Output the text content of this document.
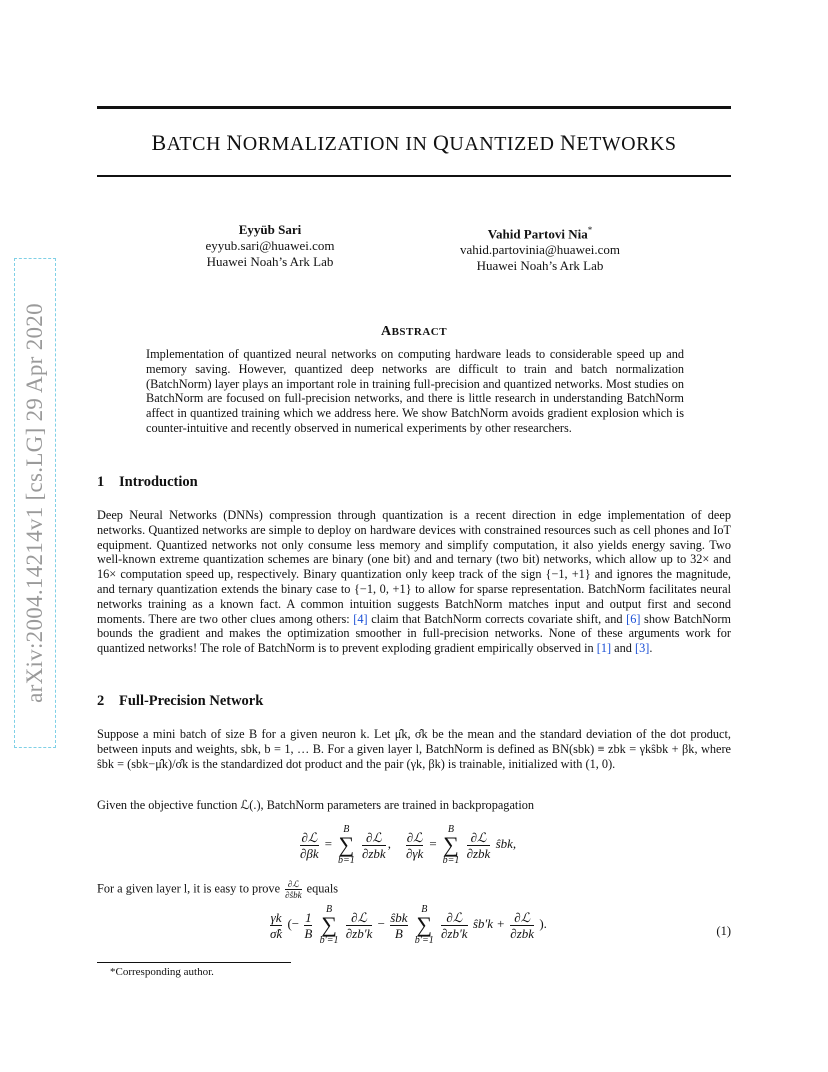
BATCH NORMALIZATION IN QUANTIZED NETWORKS
arXiv:2004.14214v1 [cs.LG] 29 Apr 2020
Eyyüb Sari
eyyub.sari@huawei.com
Huawei Noah’s Ark Lab
Vahid Partovi Nia*
vahid.partovinia@huawei.com
Huawei Noah’s Ark Lab
ABSTRACT
Implementation of quantized neural networks on computing hardware leads to considerable speed up and memory saving. However, quantized deep networks are difficult to train and batch normalization (BatchNorm) layer plays an important role in training full-precision and quantized networks. Most studies on BatchNorm are focused on full-precision networks, and there is little research in understanding BatchNorm affect in quantized training which we address here. We show BatchNorm avoids gradient explosion which is counter-intuitive and recently observed in numerical experiments by other researchers.
1 Introduction
Deep Neural Networks (DNNs) compression through quantization is a recent direction in edge implementation of deep networks. Quantized networks are simple to deploy on hardware devices with constrained resources such as cell phones and IoT equipment. Quantized networks not only consume less memory and simplify computation, it also yields energy saving. Two well-known extreme quantization schemes are binary (one bit) and and ternary (two bit) networks, which allow up to 32× and 16× computation speed up, respectively. Binary quantization only keep track of the sign {−1, +1} and ignores the magnitude, and ternary quantization extends the binary case to {−1, 0, +1} to allow for sparse representation. BatchNorm facilitates neural networks training as a known fact. A common intuition suggests BatchNorm matches input and output first and second moments. There are two other clues among others: [4] claim that BatchNorm corrects covariate shift, and [6] show BatchNorm bounds the gradient and makes the optimization smoother in full-precision networks. None of these arguments work for quantized networks! The role of BatchNorm is to prevent exploding gradient empirically observed in [1] and [3].
2 Full-Precision Network
Suppose a mini batch of size B for a given neuron k. Let μ̂k, σ̂k be the mean and the standard deviation of the dot product, between inputs and weights, sbk, b = 1, … B. For a given layer l, BatchNorm is defined as BN(sbk) ≡ zbk = γkŝbk + βk, where ŝbk = (sbk−μ̂k)/σ̂k is the standardized dot product and the pair (γk, βk) is trainable, initialized with (1, 0).
Given the objective function ℒ(.), BatchNorm parameters are trained in backpropagation
$\frac{\text{∂ℒ}}{\partial\beta k} = B$
∑
$b=1 \frac{\text{∂ℒ}}{\text{∂zbk}}$ , $\frac{\text{∂ℒ}}{\partial\gamma k} = B$
∑
$b=1 \frac{\text{∂ℒ}}{\text{∂zbk}}$ ŝbk,
For a given layer l, it is easy to prove $\frac{\text{∂ℒ}}{\text{∂ŝbk}}$ equals
$\frac{\gamma k}{\sigmâk}$ (− $\frac{1}{B}$ B
∑
$b'=1 \frac{\text{∂ℒ}}{\partial zb'k} - \frac{\text{ŝbk}}{B}$ B
∑
$b'=1 \frac{\text{∂ℒ}}{\partial zb'k}$ ŝb′k + $\frac{\text{∂ℒ}}{\text{∂zbk}}$ ).
(1)
*Corresponding author.
